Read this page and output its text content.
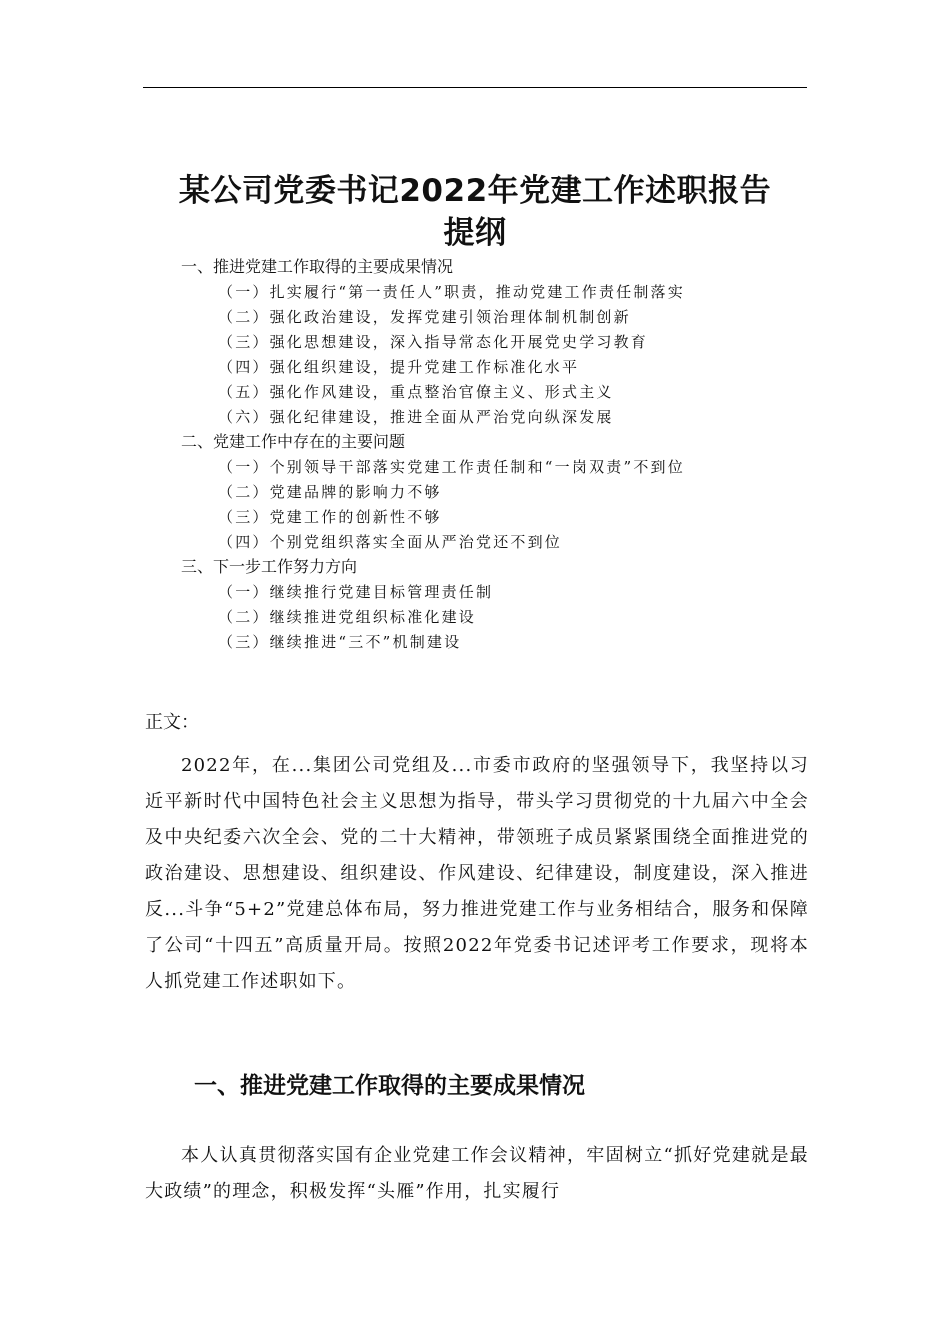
某公司党委书记2022年党建工作述职报告
提纲
一、推进党建工作取得的主要成果情况
（一）扎实履行“第一责任人”职责，推动党建工作责任制落实
（二）强化政治建设，发挥党建引领治理体制机制创新
（三）强化思想建设，深入指导常态化开展党史学习教育
（四）强化组织建设，提升党建工作标准化水平
（五）强化作风建设，重点整治官僚主义、形式主义
（六）强化纪律建设，推进全面从严治党向纵深发展
二、党建工作中存在的主要问题
（一）个别领导干部落实党建工作责任制和“一岗双责”不到位
（二）党建品牌的影响力不够
（三）党建工作的创新性不够
（四）个别党组织落实全面从严治党还不到位
三、下一步工作努力方向
（一）继续推行党建目标管理责任制
（二）继续推进党组织标准化建设
（三）继续推进“三不”机制建设
正文：
2022年，在...集团公司党组及...市委市政府的坚强领导下，我坚持以习近平新时代中国特色社会主义思想为指导，带头学习贯彻党的十九届六中全会及中央纪委六次全会、党的二十大精神，带领班子成员紧紧围绕全面推进党的政治建设、思想建设、组织建设、作风建设、纪律建设，制度建设，深入推进反...斗争“5+2”党建总体布局，努力推进党建工作与业务相结合，服务和保障了公司“十四五”高质量开局。按照2022年党委书记述评考工作要求，现将本人抓党建工作述职如下。
一、推进党建工作取得的主要成果情况
本人认真贯彻落实国有企业党建工作会议精神，牢固树立“抓好党建就是最大政绩”的理念，积极发挥“头雁”作用，扎实履行
